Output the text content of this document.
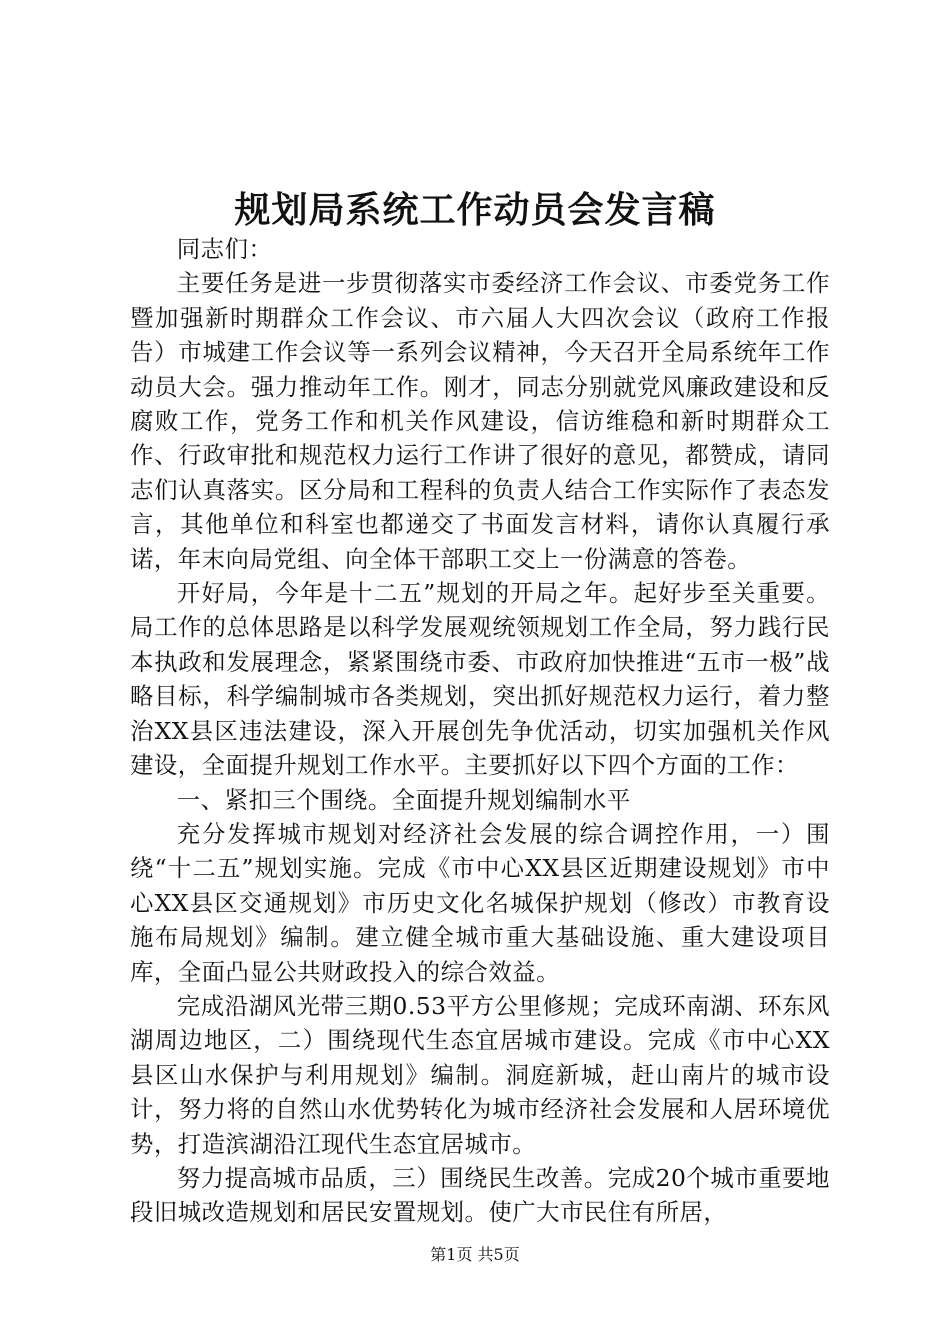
规划局系统工作动员会发言稿

同志们：

主要任务是进一步贯彻落实市委经济工作会议、市委党务工作暨加强新时期群众工作会议、市六届人大四次会议（政府工作报告）市城建工作会议等一系列会议精神，今天召开全局系统年工作动员大会。强力推动年工作。刚才，同志分别就党风廉政建设和反腐败工作，党务工作和机关作风建设，信访维稳和新时期群众工作、行政审批和规范权力运行工作讲了很好的意见，都赞成，请同志们认真落实。区分局和工程科的负责人结合工作实际作了表态发言，其他单位和科室也都递交了书面发言材料，请你认真履行承诺，年末向局党组、向全体干部职工交上一份满意的答卷。

开好局，今年是十二五”规划的开局之年。起好步至关重要。局工作的总体思路是以科学发展观统领规划工作全局，努力践行民本执政和发展理念，紧紧围绕市委、市政府加快推进“五市一极”战略目标，科学编制城市各类规划，突出抓好规范权力运行，着力整治XX县区违法建设，深入开展创先争优活动，切实加强机关作风建设，全面提升规划工作水平。主要抓好以下四个方面的工作：

一、紧扣三个围绕。全面提升规划编制水平

充分发挥城市规划对经济社会发展的综合调控作用，一）围绕“十二五”规划实施。完成《市中心XX县区近期建设规划》市中心XX县区交通规划》市历史文化名城保护规划（修改）市教育设施布局规划》编制。建立健全城市重大基础设施、重大建设项目库，全面凸显公共财政投入的综合效益。

完成沿湖风光带三期0.53平方公里修规；完成环南湖、环东风湖周边地区，二）围绕现代生态宜居城市建设。完成《市中心XX县区山水保护与利用规划》编制。洞庭新城，赶山南片的城市设计，努力将的自然山水优势转化为城市经济社会发展和人居环境优势，打造滨湖沿江现代生态宜居城市。

努力提高城市品质，三）围绕民生改善。完成20个城市重要地段旧城改造规划和居民安置规划。使广大市民住有所居，

第1页 共5页
